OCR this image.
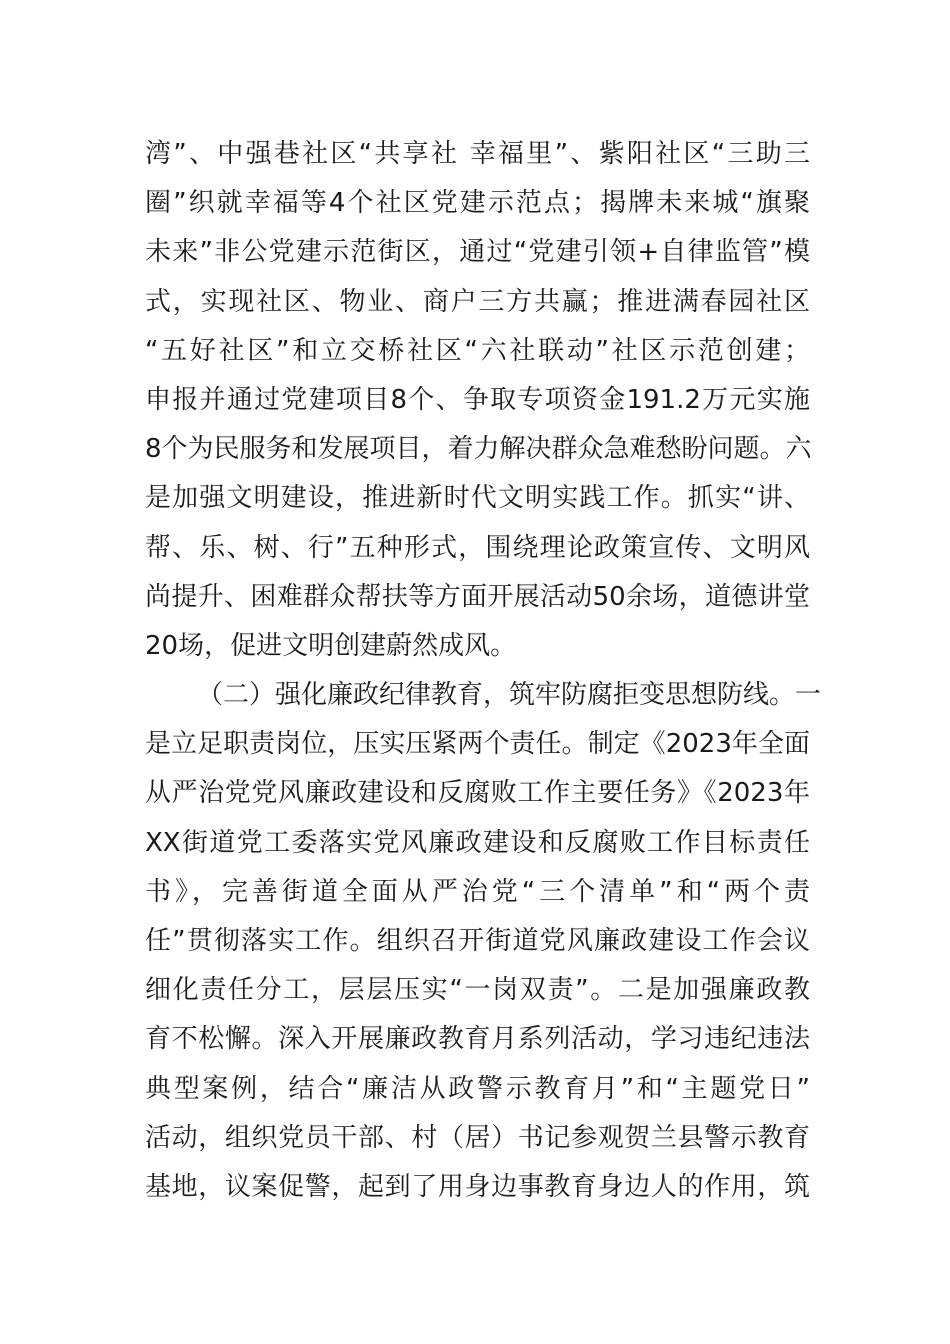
湾”、中强巷社区“共享社 幸福里”、紫阳社区“三助三
圈”织就幸福等4个社区党建示范点；揭牌未来城“旗聚
未来”非公党建示范街区，通过“党建引领+自律监管”模
式，实现社区、物业、商户三方共赢；推进满春园社区
“五好社区”和立交桥社区“六社联动”社区示范创建；
申报并通过党建项目8个、争取专项资金191.2万元实施
8个为民服务和发展项目，着力解决群众急难愁盼问题。六
是加强文明建设，推进新时代文明实践工作。抓实“讲、
帮、乐、树、行”五种形式，围绕理论政策宣传、文明风
尚提升、困难群众帮扶等方面开展活动50余场，道德讲堂
20场，促进文明创建蔚然成风。
（二）强化廉政纪律教育，筑牢防腐拒变思想防线。一
是立足职责岗位，压实压紧两个责任。制定《2023年全面
从严治党党风廉政建设和反腐败工作主要任务》《2023年
XX街道党工委落实党风廉政建设和反腐败工作目标责任
书》，完善街道全面从严治党“三个清单”和“两个责
任”贯彻落实工作。组织召开街道党风廉政建设工作会议
细化责任分工，层层压实“一岗双责”。二是加强廉政教
育不松懈。深入开展廉政教育月系列活动，学习违纪违法
典型案例，结合“廉洁从政警示教育月”和“主题党日”
活动，组织党员干部、村（居）书记参观贺兰县警示教育
基地，议案促警，起到了用身边事教育身边人的作用，筑
